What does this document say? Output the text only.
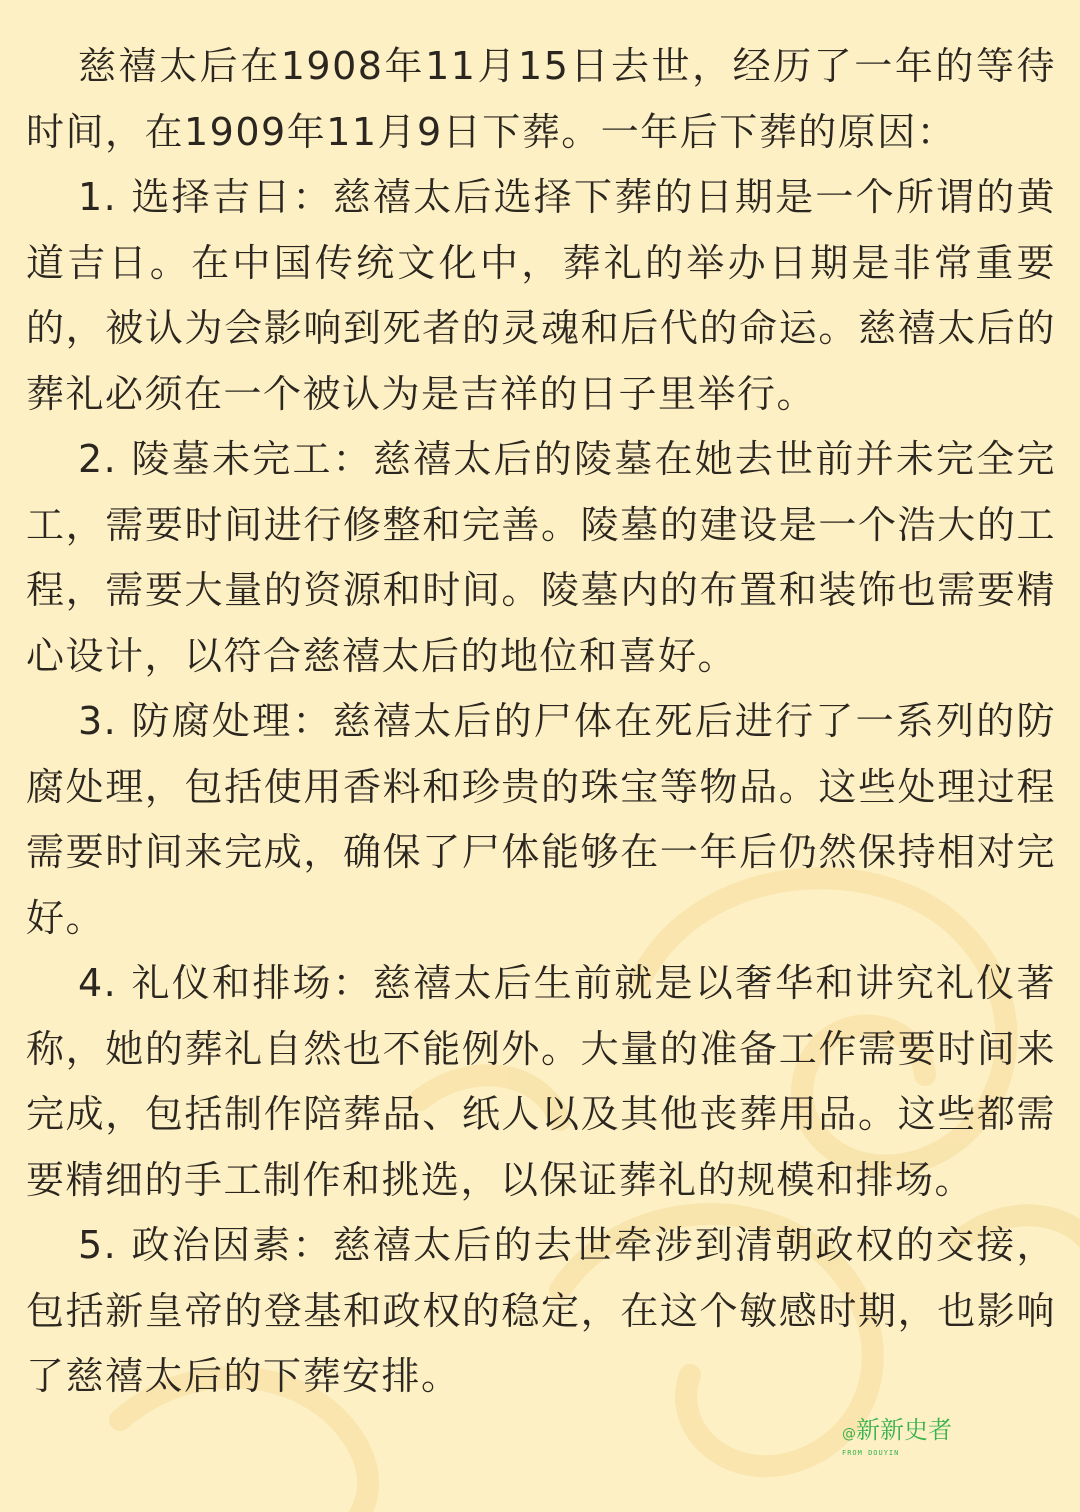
慈禧太后在1908年11月15日去世，经历了一年的等待时间，在1909年11月9日下葬。一年后下葬的原因：

1. 选择吉日：慈禧太后选择下葬的日期是一个所谓的黄道吉日。在中国传统文化中，葬礼的举办日期是非常重要的，被认为会影响到死者的灵魂和后代的命运。慈禧太后的葬礼必须在一个被认为是吉祥的日子里举行。

2. 陵墓未完工：慈禧太后的陵墓在她去世前并未完全完工，需要时间进行修整和完善。陵墓的建设是一个浩大的工程，需要大量的资源和时间。陵墓内的布置和装饰也需要精心设计，以符合慈禧太后的地位和喜好。

3. 防腐处理：慈禧太后的尸体在死后进行了一系列的防腐处理，包括使用香料和珍贵的珠宝等物品。这些处理过程需要时间来完成，确保了尸体能够在一年后仍然保持相对完好。

4. 礼仪和排场：慈禧太后生前就是以奢华和讲究礼仪著称，她的葬礼自然也不能例外。大量的准备工作需要时间来完成，包括制作陪葬品、纸人以及其他丧葬用品。这些都需要精细的手工制作和挑选，以保证葬礼的规模和排场。

5. 政治因素：慈禧太后的去世牵涉到清朝政权的交接，包括新皇帝的登基和政权的稳定，在这个敏感时期，也影响了慈禧太后的下葬安排。

@新新史者
FROM DOUYIN
